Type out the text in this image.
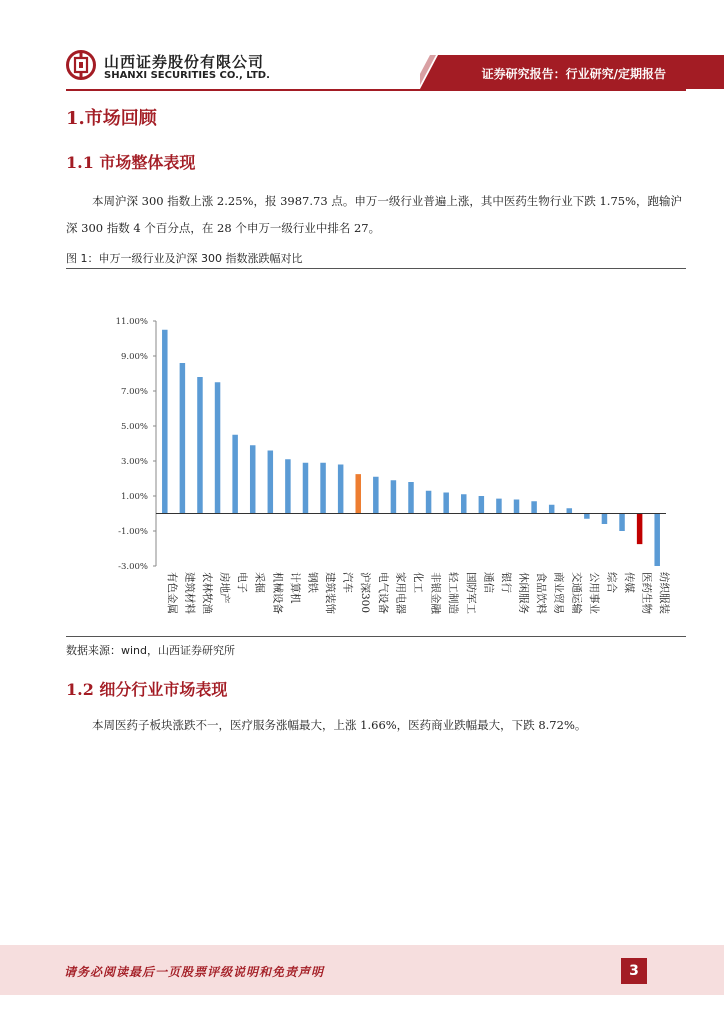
山西证券股份有限公司
SHANXI SECURITIES CO., LTD.	证券研究报告：行业研究/定期报告
1.市场回顾
1.1 市场整体表现
本周沪深 300 指数上涨 2.25%，报 3987.73 点。申万一级行业普遍上涨，其中医药生物行业下跌 1.75%，跑输沪深 300 指数 4 个百分点，在 28 个申万一级行业中排名 27。
图 1：申万一级行业及沪深 300 指数涨跌幅对比
11.00%
9.00%
7.00%
5.00%
3.00%
1.00%
-1.00%
-3.00%
有色金属 建筑材料 农林牧渔 房地产 电子 采掘 机械设备 计算机 钢铁 建筑装饰 汽车 沪深300 电气设备 家用电器 化工 非银金融 轻工制造 国防军工 通信 银行 休闲服务 食品饮料 商业贸易 交通运输 公用事业 综合 传媒 医药生物 纺织服装
数据来源：wind，山西证券研究所
1.2 细分行业市场表现
本周医药子板块涨跌不一，医疗服务涨幅最大，上涨 1.66%，医药商业跌幅最大，下跌 8.72%。
请务必阅读最后一页股票评级说明和免责声明	3
